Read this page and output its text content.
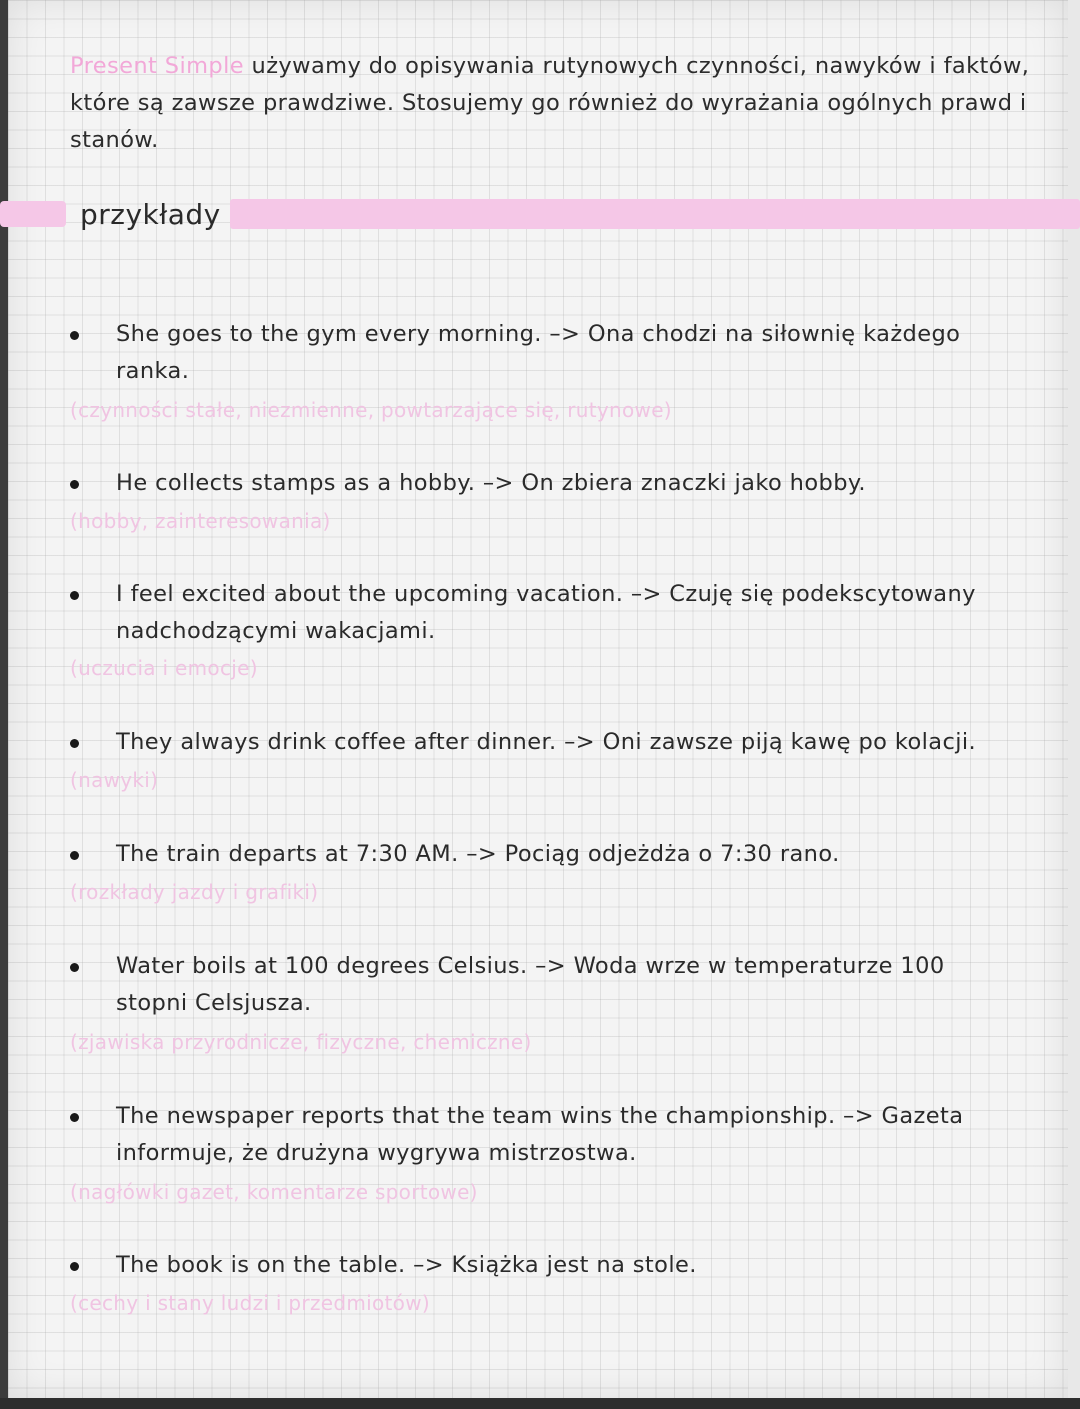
Present Simple używamy do opisywania rutynowych czynności, nawyków i faktów, które są zawsze prawdziwe. Stosujemy go również do wyrażania ogólnych prawd i stanów.
przykłady
She goes to the gym every morning. –> Ona chodzi na siłownię każdego ranka.
(czynności stałe, niezmienne, powtarzające się, rutynowe)
He collects stamps as a hobby. –> On zbiera znaczki jako hobby.
(hobby, zainteresowania)
I feel excited about the upcoming vacation. –> Czuję się podekscytowany nadchodzącymi wakacjami.
(uczucia i emocje)
They always drink coffee after dinner. –> Oni zawsze piją kawę po kolacji.
(nawyki)
The train departs at 7:30 AM. –> Pociąg odjeżdża o 7:30 rano.
(rozkłady jazdy i grafiki)
Water boils at 100 degrees Celsius. –> Woda wrze w temperaturze 100 stopni Celsjusza.
(zjawiska przyrodnicze, fizyczne, chemiczne)
The newspaper reports that the team wins the championship. –> Gazeta informuje, że drużyna wygrywa mistrzostwa.
(nagłówki gazet, komentarze sportowe)
The book is on the table. –> Książka jest na stole.
(cechy i stany ludzi i przedmiotów)
